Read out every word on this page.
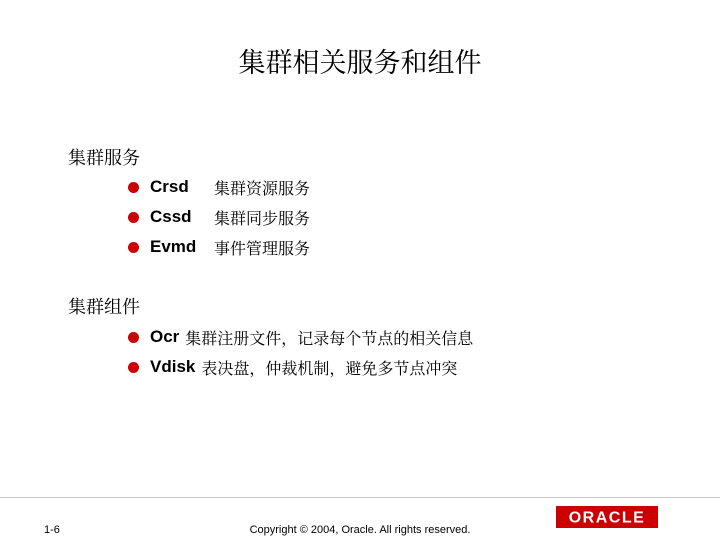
集群相关服务和组件
集群服务
Crsd	集群资源服务
Cssd	集群同步服务
Evmd	事件管理服务
集群组件
Ocr 集群注册文件，记录每个节点的相关信息
Vdisk 表决盘，仲裁机制，避免多节点冲突
1-6	Copyright © 2004, Oracle. All rights reserved.
ORACLE
